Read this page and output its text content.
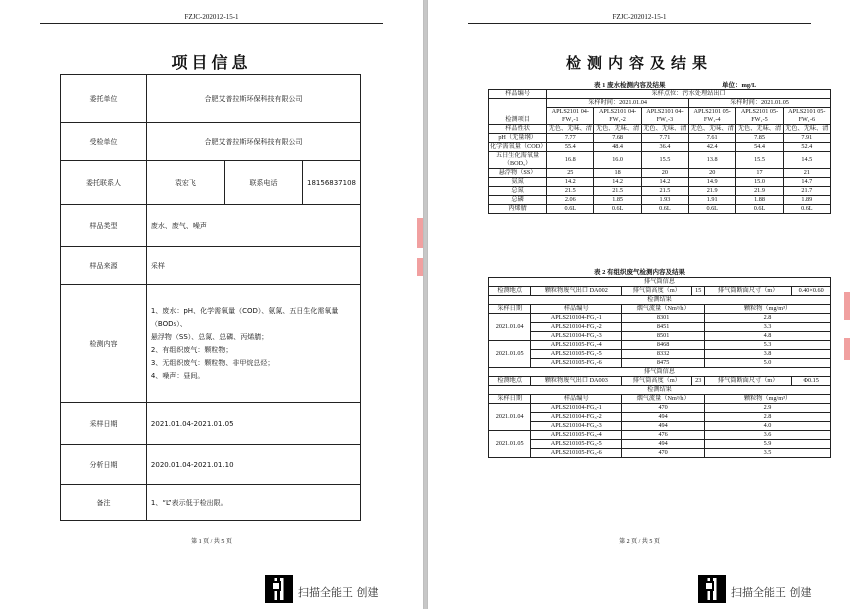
FZJC-202012-15-1
项目信息
委托单位	合肥艾普拉斯环保科技有限公司		
受检单位	合肥艾普拉斯环保科技有限公司		
委托联系人	袁宏飞	联系电话	18156837108
样品类型	废水、废气、噪声		
样品来源	采样		
检测内容	1、废水：pH、化学需氧量（COD）、氨氮、五日生化需氧量（BOD₅）、
悬浮物（SS）、总氮、总磷、丙烯腈；
2、有组织废气：颗粒物；
3、无组织废气：颗粒物、非甲烷总烃；
4、噪声：昼间。		

采样日期	2021.01.04-2021.01.05		
分析日期	2020.01.04-2021.01.10		
备注	1、“L”表示低于检出限。		
第 1 页 / 共 5 页
扫描全能王 创建
FZJC-202012-15-1
检测内容及结果
表 1 废水检测内容及结果	单位：mg/L
样品编号	采样点位：污水处理站出口					
检测项目	采样时间：2021.01.04			采样时间：2021.01.05		
	APLS2101 04-FW₁-1	APLS2101 04-FW₁-2	APLS2101 04-FW₁-3	APLS2101 05-FW₁-4	APLS2101 05-FW₁-5	APLS2101 05-FW₁-6
样品性状	无色、无味、清	无色、无味、清	无色、无味、清	无色、无味、清	无色、无味、清	无色、无味、清
pH（无量纲）	7.77	7.68	7.71	7.61	7.85	7.91
化学需氧量（COD）	55.4	48.4	36.4	42.4	54.4	52.4
五日生化需氧量（BOD₅）	16.8	16.0	15.5	13.8	15.5	14.5
悬浮物（SS）	25	18	20	20	17	21
氨氮	14.2	14.2	14.2	14.9	15.0	14.7
总氮	21.5	21.5	21.5	21.9	21.9	21.7
总磷	2.06	1.85	1.93	1.91	1.88	1.89
丙烯腈	0.6L	0.6L	0.6L	0.6L	0.6L	0.6L
表 2 有组织废气检测内容及结果
排气筒信息					
检测地点	颗粒物废气出口 DA002	排气筒高度（m）	15	排气筒断面尺寸（m）	0.40×0.60
检测结果					
采样日期	样品编号	烟气流量（Nm³/h）		颗粒物（mg/m³）	
2021.01.04	APLS210104-FG₁-1	8301		2.8	
	APLS210104-FG₁-2	8451		3.3	
	APLS210104-FG₁-3	8501		4.8	
2021.01.05	APLS210105-FG₁-4	8468		5.3	
	APLS210105-FG₁-5	8332		3.8	
	APLS210105-FG₁-6	8475		5.0	
排气筒信息					
检测地点	颗粒物废气出口 DA003	排气筒高度（m）	23	排气筒断面尺寸（m）	Φ0.15
检测结果					
采样日期	样品编号	烟气流量（Nm³/h）		颗粒物（mg/m³）	
2021.01.04	APLS210104-FG₃-1	470		2.9	
	APLS210104-FG₃-2	494		2.8	
	APLS210104-FG₃-3	494		4.0	
2021.01.05	APLS210105-FG₃-4	476		3.6	
	APLS210105-FG₃-5	494		5.9	
	APLS210105-FG₃-6	470		3.5	
第 2 页 / 共 5 页
扫描全能王 创建
